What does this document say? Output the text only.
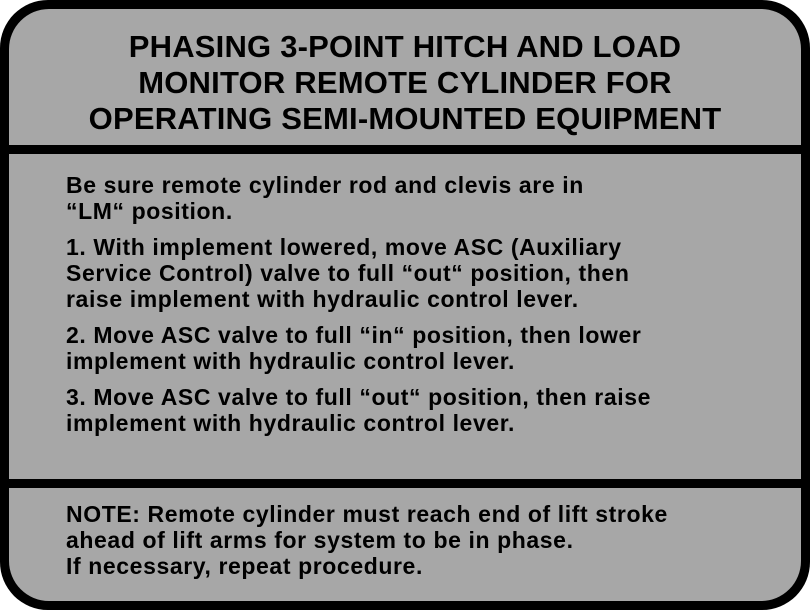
PHASING 3-POINT HITCH AND LOAD
MONITOR REMOTE CYLINDER FOR
OPERATING SEMI-MOUNTED EQUIPMENT

Be sure remote cylinder rod and clevis are in
“LM“ position.

1. With implement lowered, move ASC (Auxiliary
Service Control) valve to full “out“ position, then
raise implement with hydraulic control lever.

2. Move ASC valve to full “in“ position, then lower
implement with hydraulic control lever.

3. Move ASC valve to full “out“ position, then raise
implement with hydraulic control lever.

NOTE: Remote cylinder must reach end of lift stroke
ahead of lift arms for system to be in phase.
If necessary, repeat procedure.
